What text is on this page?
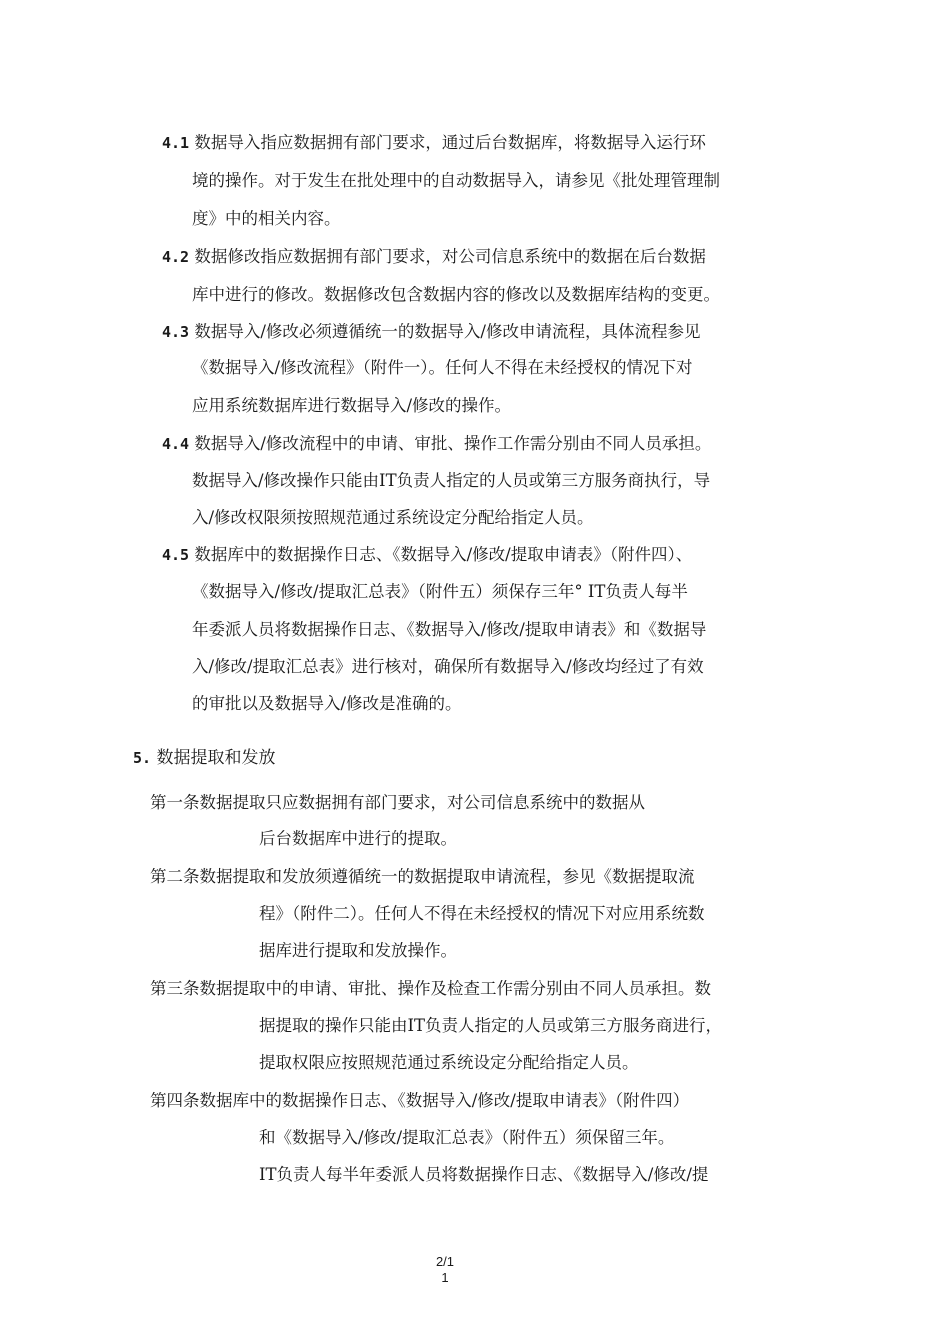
4.1 数据导入指应数据拥有部门要求，通过后台数据库，将数据导入运行环
境的操作。对于发生在批处理中的自动数据导入，请参见《批处理管理制
度》中的相关内容。
4.2 数据修改指应数据拥有部门要求，对公司信息系统中的数据在后台数据
库中进行的修改。数据修改包含数据内容的修改以及数据库结构的变更。
4.3 数据导入/修改必须遵循统一的数据导入/修改申请流程，具体流程参见
《数据导入/修改流程》（附件一）。任何人不得在未经授权的情况下对
应用系统数据库进行数据导入/修改的操作。
4.4 数据导入/修改流程中的申请、审批、操作工作需分别由不同人员承担。
数据导入/修改操作只能由IT负责人指定的人员或第三方服务商执行，导
入/修改权限须按照规范通过系统设定分配给指定人员。
4.5 数据库中的数据操作日志、《数据导入/修改/提取申请表》（附件四）、
《数据导入/修改/提取汇总表》（附件五）须保存三年° IT负责人每半
年委派人员将数据操作日志、《数据导入/修改/提取申请表》和《数据导
入/修改/提取汇总表》进行核对，确保所有数据导入/修改均经过了有效
的审批以及数据导入/修改是准确的。
5. 数据提取和发放
第一条数据提取只应数据拥有部门要求，对公司信息系统中的数据从
后台数据库中进行的提取。
第二条数据提取和发放须遵循统一的数据提取申请流程，参见《数据提取流
程》（附件二）。任何人不得在未经授权的情况下对应用系统数
据库进行提取和发放操作。
第三条数据提取中的申请、审批、操作及检查工作需分别由不同人员承担。数
据提取的操作只能由IT负责人指定的人员或第三方服务商进行，
提取权限应按照规范通过系统设定分配给指定人员。
第四条数据库中的数据操作日志、《数据导入/修改/提取申请表》（附件四）
和《数据导入/修改/提取汇总表》（附件五）须保留三年。
IT负责人每半年委派人员将数据操作日志、《数据导入/修改/提
2/1
1
